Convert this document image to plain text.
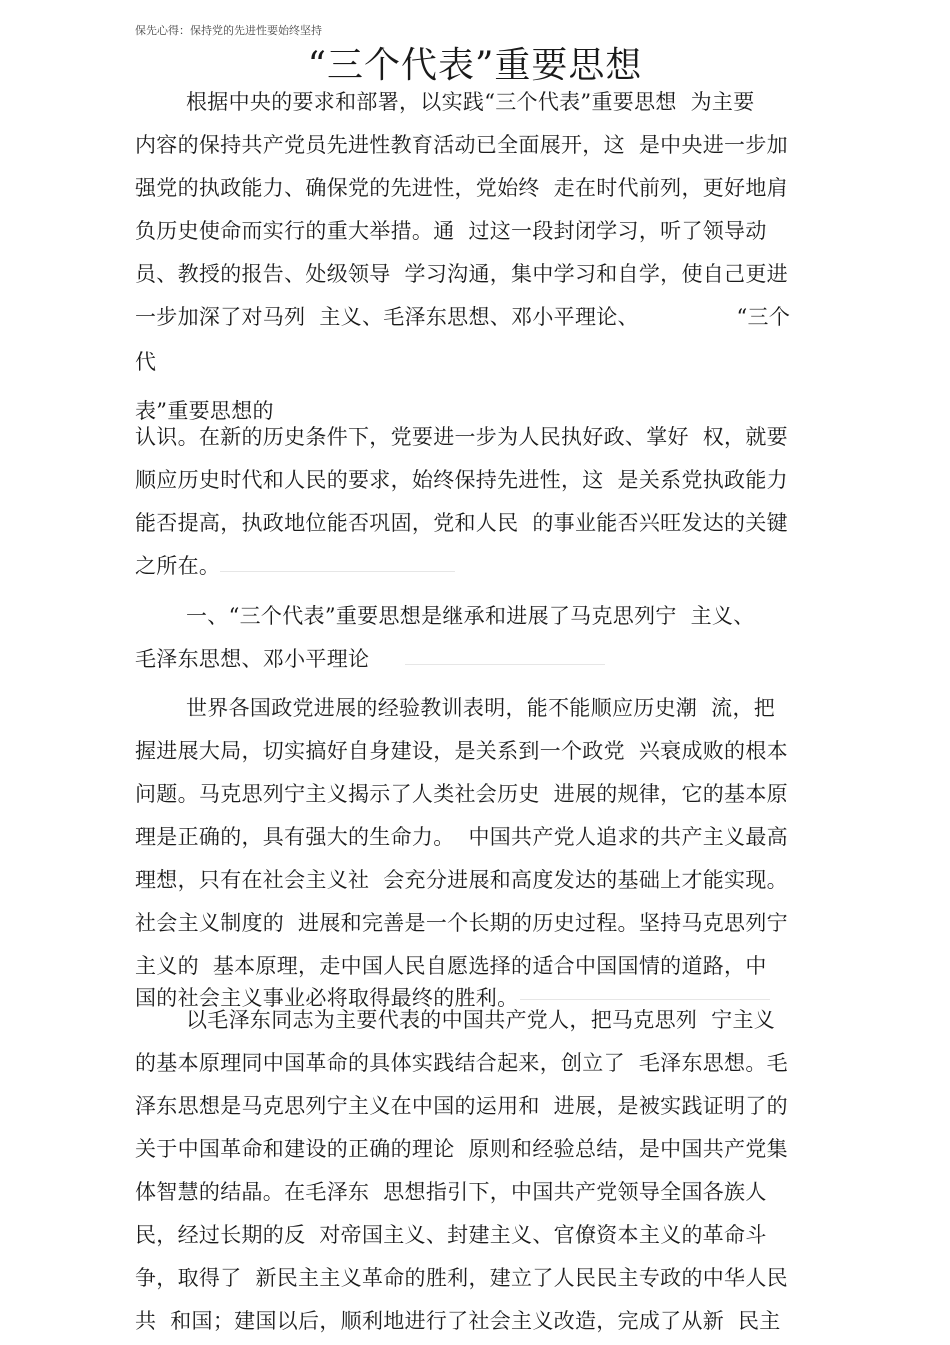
保先心得：保持党的先进性要始终坚持
“三个代表”重要思想
根据中央的要求和部署，以实践“三个代表”重要思想  为主要
内容的保持共产党员先进性教育活动已全面展开，这  是中央进一步加
强党的执政能力、确保党的先进性，党始终  走在时代前列，更好地肩
负历史使命而实行的重大举措。通  过这一段封闭学习，听了领导动
员、教授的报告、处级领导  学习沟通，集中学习和自学，使自己更进
一步加深了对马列  主义、毛泽东思想、邓小平理论、              “三个
代
表”重要思想的
认识。在新的历史条件下，党要进一步为人民执好政、掌好  权，就要
顺应历史时代和人民的要求，始终保持先进性，这  是关系党执政能力
能否提高，执政地位能否巩固，党和人民  的事业能否兴旺发达的关键
之所在。
一、“三个代表”重要思想是继承和进展了马克思列宁  主义、
毛泽东思想、邓小平理论
世界各国政党进展的经验教训表明，能不能顺应历史潮  流，把
握进展大局，切实搞好自身建设，是关系到一个政党  兴衰成败的根本
问题。马克思列宁主义揭示了人类社会历史  进展的规律，它的基本原
理是正确的，具有强大的生命力。  中国共产党人追求的共产主义最高
理想，只有在社会主义社  会充分进展和高度发达的基础上才能实现。
社会主义制度的  进展和完善是一个长期的历史过程。坚持马克思列宁
主义的  基本原理，走中国人民自愿选择的适合中国国情的道路，中
国的社会主义事业必将取得最终的胜利。
以毛泽东同志为主要代表的中国共产党人，把马克思列  宁主义
的基本原理同中国革命的具体实践结合起来，创立了  毛泽东思想。毛
泽东思想是马克思列宁主义在中国的运用和  进展，是被实践证明了的
关于中国革命和建设的正确的理论  原则和经验总结，是中国共产党集
体智慧的结晶。在毛泽东  思想指引下，中国共产党领导全国各族人
民，经过长期的反  对帝国主义、封建主义、官僚资本主义的革命斗
争，取得了  新民主主义革命的胜利，建立了人民民主专政的中华人民
共  和国；建国以后，顺利地进行了社会主义改造，完成了从新  民主
